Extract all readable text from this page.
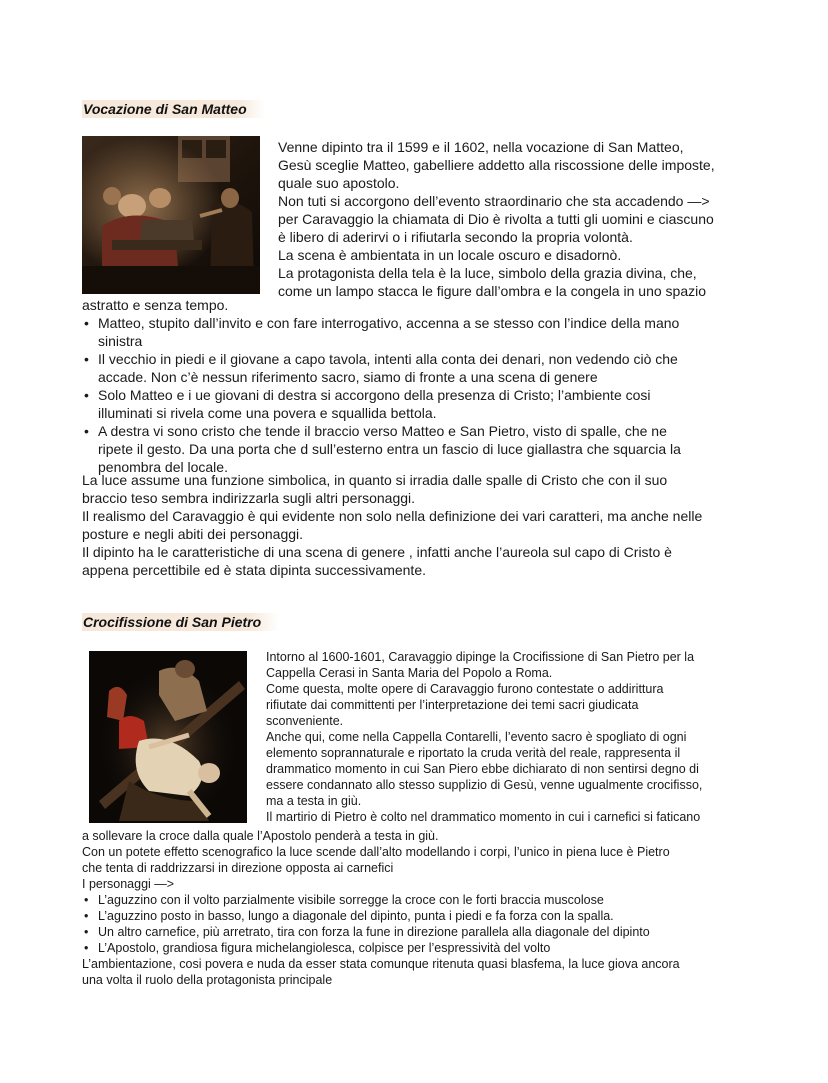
Vocazione di San Matteo
Venne dipinto tra il 1599 e il 1602, nella vocazione di San Matteo,
Gesù sceglie Matteo, gabelliere addetto alla riscossione delle imposte,
quale suo apostolo.
Non tuti si accorgono dell’evento straordinario che sta accadendo —>
per Caravaggio la chiamata di Dio è rivolta a tutti gli uomini e ciascuno
è libero di aderirvi o i rifiutarla secondo la propria volontà.
La scena è ambientata in un locale oscuro e disadornò.
La protagonista della tela è la luce, simbolo della grazia divina, che,
come un lampo stacca le figure dall’ombra e la congela in uno spazio
astratto e senza tempo.
• Matteo, stupito dall’invito e con fare interrogativo, accenna a se stesso con l’indice della mano
sinistra
• Il vecchio in piedi e il giovane a capo tavola, intenti alla conta dei denari, non vedendo ciò che
accade. Non c’è nessun riferimento sacro, siamo di fronte a una scena di genere
• Solo Matteo e i ue giovani di destra si accorgono della presenza di Cristo; l’ambiente cosi
illuminati si rivela come una povera e squallida bettola.
• A destra vi sono cristo che tende il braccio verso Matteo e San Pietro, visto di spalle, che ne
ripete il gesto. Da una porta che d sull’esterno entra un fascio di luce giallastra che squarcia la
penombra del locale.
La luce assume una funzione simbolica, in quanto si irradia dalle spalle di Cristo che con il suo
braccio teso sembra indirizzarla sugli altri personaggi.
Il realismo del Caravaggio è qui evidente non solo nella definizione dei vari caratteri, ma anche nelle
posture e negli abiti dei personaggi.
Il dipinto ha le caratteristiche di una scena di genere , infatti anche l’aureola sul capo di Cristo è
appena percettibile ed è stata dipinta successivamente.
Crocifissione di San Pietro
Intorno al 1600-1601, Caravaggio dipinge la Crocifissione di San Pietro per la
Cappella Cerasi in Santa Maria del Popolo a Roma.
Come questa, molte opere di Caravaggio furono contestate o addirittura
rifiutate dai committenti per l’interpretazione dei temi sacri giudicata
sconveniente.
Anche qui, come nella Cappella Contarelli, l’evento sacro è spogliato di ogni
elemento soprannaturale e riportato la cruda verità del reale, rappresenta il
drammatico momento in cui San Piero ebbe dichiarato di non sentirsi degno di
essere condannato allo stesso supplizio di Gesù, venne ugualmente crocifisso,
ma a testa in giù.
Il martirio di Pietro è colto nel drammatico momento in cui i carnefici si faticano
a sollevare la croce dalla quale l’Apostolo penderà a testa in giù.
Con un potete effetto scenografico la luce scende dall’alto modellando i corpi, l’unico in piena luce è Pietro
che tenta di raddrizzarsi in direzione opposta ai carnefici
I personaggi —>
• L’aguzzino con il volto parzialmente visibile sorregge la croce con le forti braccia muscolose
• L’aguzzino posto in basso, lungo a diagonale del dipinto, punta i piedi e fa forza con la spalla.
• Un altro carnefice, più arretrato, tira con forza la fune in direzione parallela alla diagonale del dipinto
• L’Apostolo, grandiosa figura michelangiolesca, colpisce per l’espressività del volto
L’ambientazione, cosi povera e nuda da esser stata comunque ritenuta quasi blasfema, la luce giova ancora
una volta il ruolo della protagonista principale
